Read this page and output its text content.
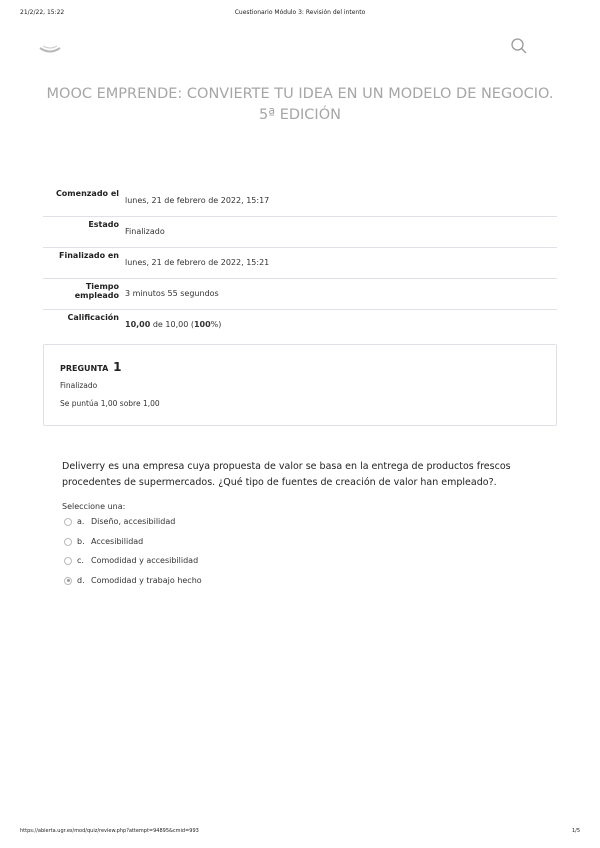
21/2/22, 15:22	Cuestionario Módulo 3: Revisión del intento
MOOC EMPRENDE: CONVIERTE TU IDEA EN UN MODELO DE NEGOCIO. 5ª EDICIÓN
Comenzado el
lunes, 21 de febrero de 2022, 15:17
Estado
Finalizado
Finalizado en
lunes, 21 de febrero de 2022, 15:21
Tiempo empleado 3 minutos 55 segundos
Calificación
10,00 de 10,00 (100%)
PREGUNTA 1
Finalizado
Se puntúa 1,00 sobre 1,00
Deliverry es una empresa cuya propuesta de valor se basa en la entrega de productos frescos procedentes de supermercados. ¿Qué tipo de fuentes de creación de valor han empleado?.
Seleccione una:
a. Diseño, accesibilidad
b. Accesibilidad
c. Comodidad y accesibilidad
d. Comodidad y trabajo hecho
https://abierta.ugr.es/mod/quiz/review.php?attempt=94895&cmid=993	1/5
